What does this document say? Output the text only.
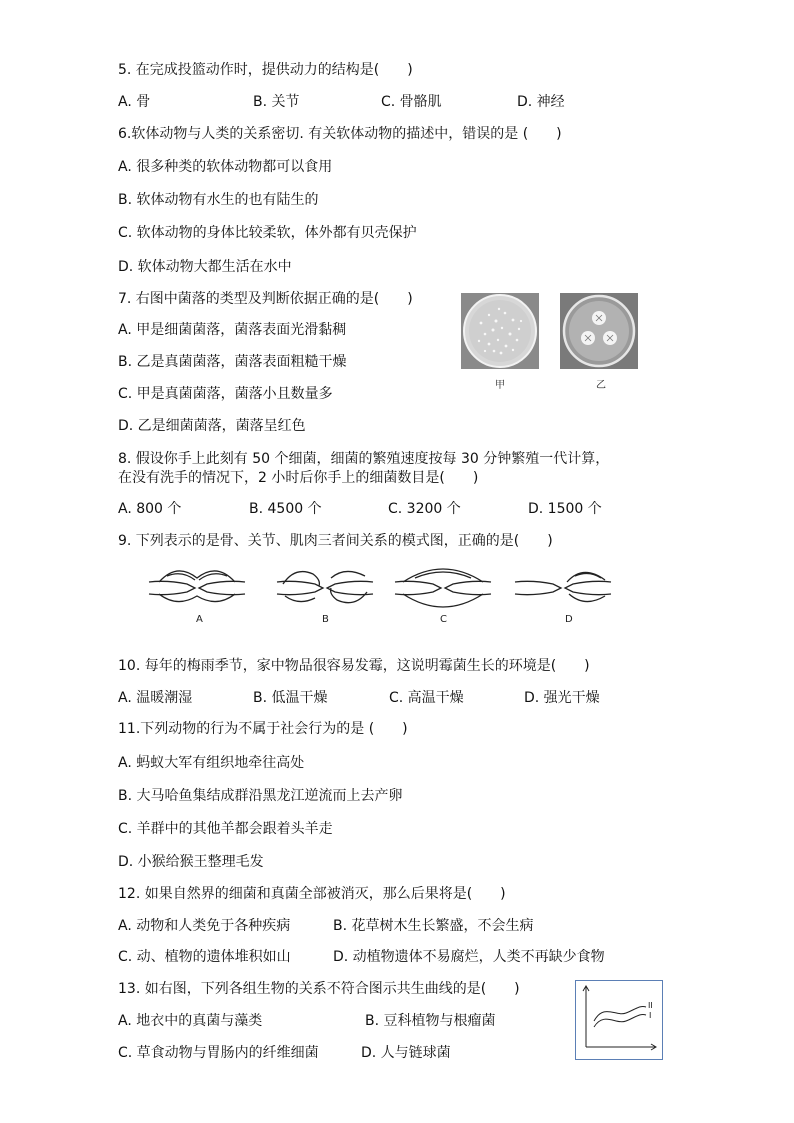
5. 在完成投篮动作时，提供动力的结构是(　　)
A. 骨	B. 关节	C. 骨骼肌	D. 神经
6.软体动物与人类的关系密切. 有关软体动物的描述中，错误的是 (　　)
A. 很多种类的软体动物都可以食用
B. 软体动物有水生的也有陆生的
C. 软体动物的身体比较柔软，体外都有贝壳保护
D. 软体动物大都生活在水中
7. 右图中菌落的类型及判断依据正确的是(　　)
A. 甲是细菌菌落，菌落表面光滑黏稠
B. 乙是真菌菌落，菌落表面粗糙干燥
C. 甲是真菌菌落，菌落小且数量多
D. 乙是细菌菌落，菌落呈红色
甲	乙
8. 假设你手上此刻有 50 个细菌，细菌的繁殖速度按每 30 分钟繁殖一代计算，
在没有洗手的情况下，2 小时后你手上的细菌数目是(　　)
A. 800 个	B. 4500 个	C. 3200 个	D. 1500 个
9. 下列表示的是骨、关节、肌肉三者间关系的模式图，正确的是(　　)
A	B	C	D
10. 每年的梅雨季节，家中物品很容易发霉，这说明霉菌生长的环境是(　　)
A. 温暖潮湿	B. 低温干燥	C. 高温干燥	D. 强光干燥
11.下列动物的行为不属于社会行为的是 (　　)
A. 蚂蚁大军有组织地牵往高处
B. 大马哈鱼集结成群沿黑龙江逆流而上去产卵
C. 羊群中的其他羊都会跟着头羊走
D. 小猴给猴王整理毛发
12. 如果自然界的细菌和真菌全部被消灭，那么后果将是(　　)
A. 动物和人类免于各种疾病	B. 花草树木生长繁盛，不会生病
C. 动、植物的遗体堆积如山	D. 动植物遗体不易腐烂，人类不再缺少食物
13. 如右图，下列各组生物的关系不符合图示共生曲线的是(　　)
A. 地衣中的真菌与藻类	B. 豆科植物与根瘤菌
C. 草食动物与胃肠内的纤维细菌	D. 人与链球菌
II
I
